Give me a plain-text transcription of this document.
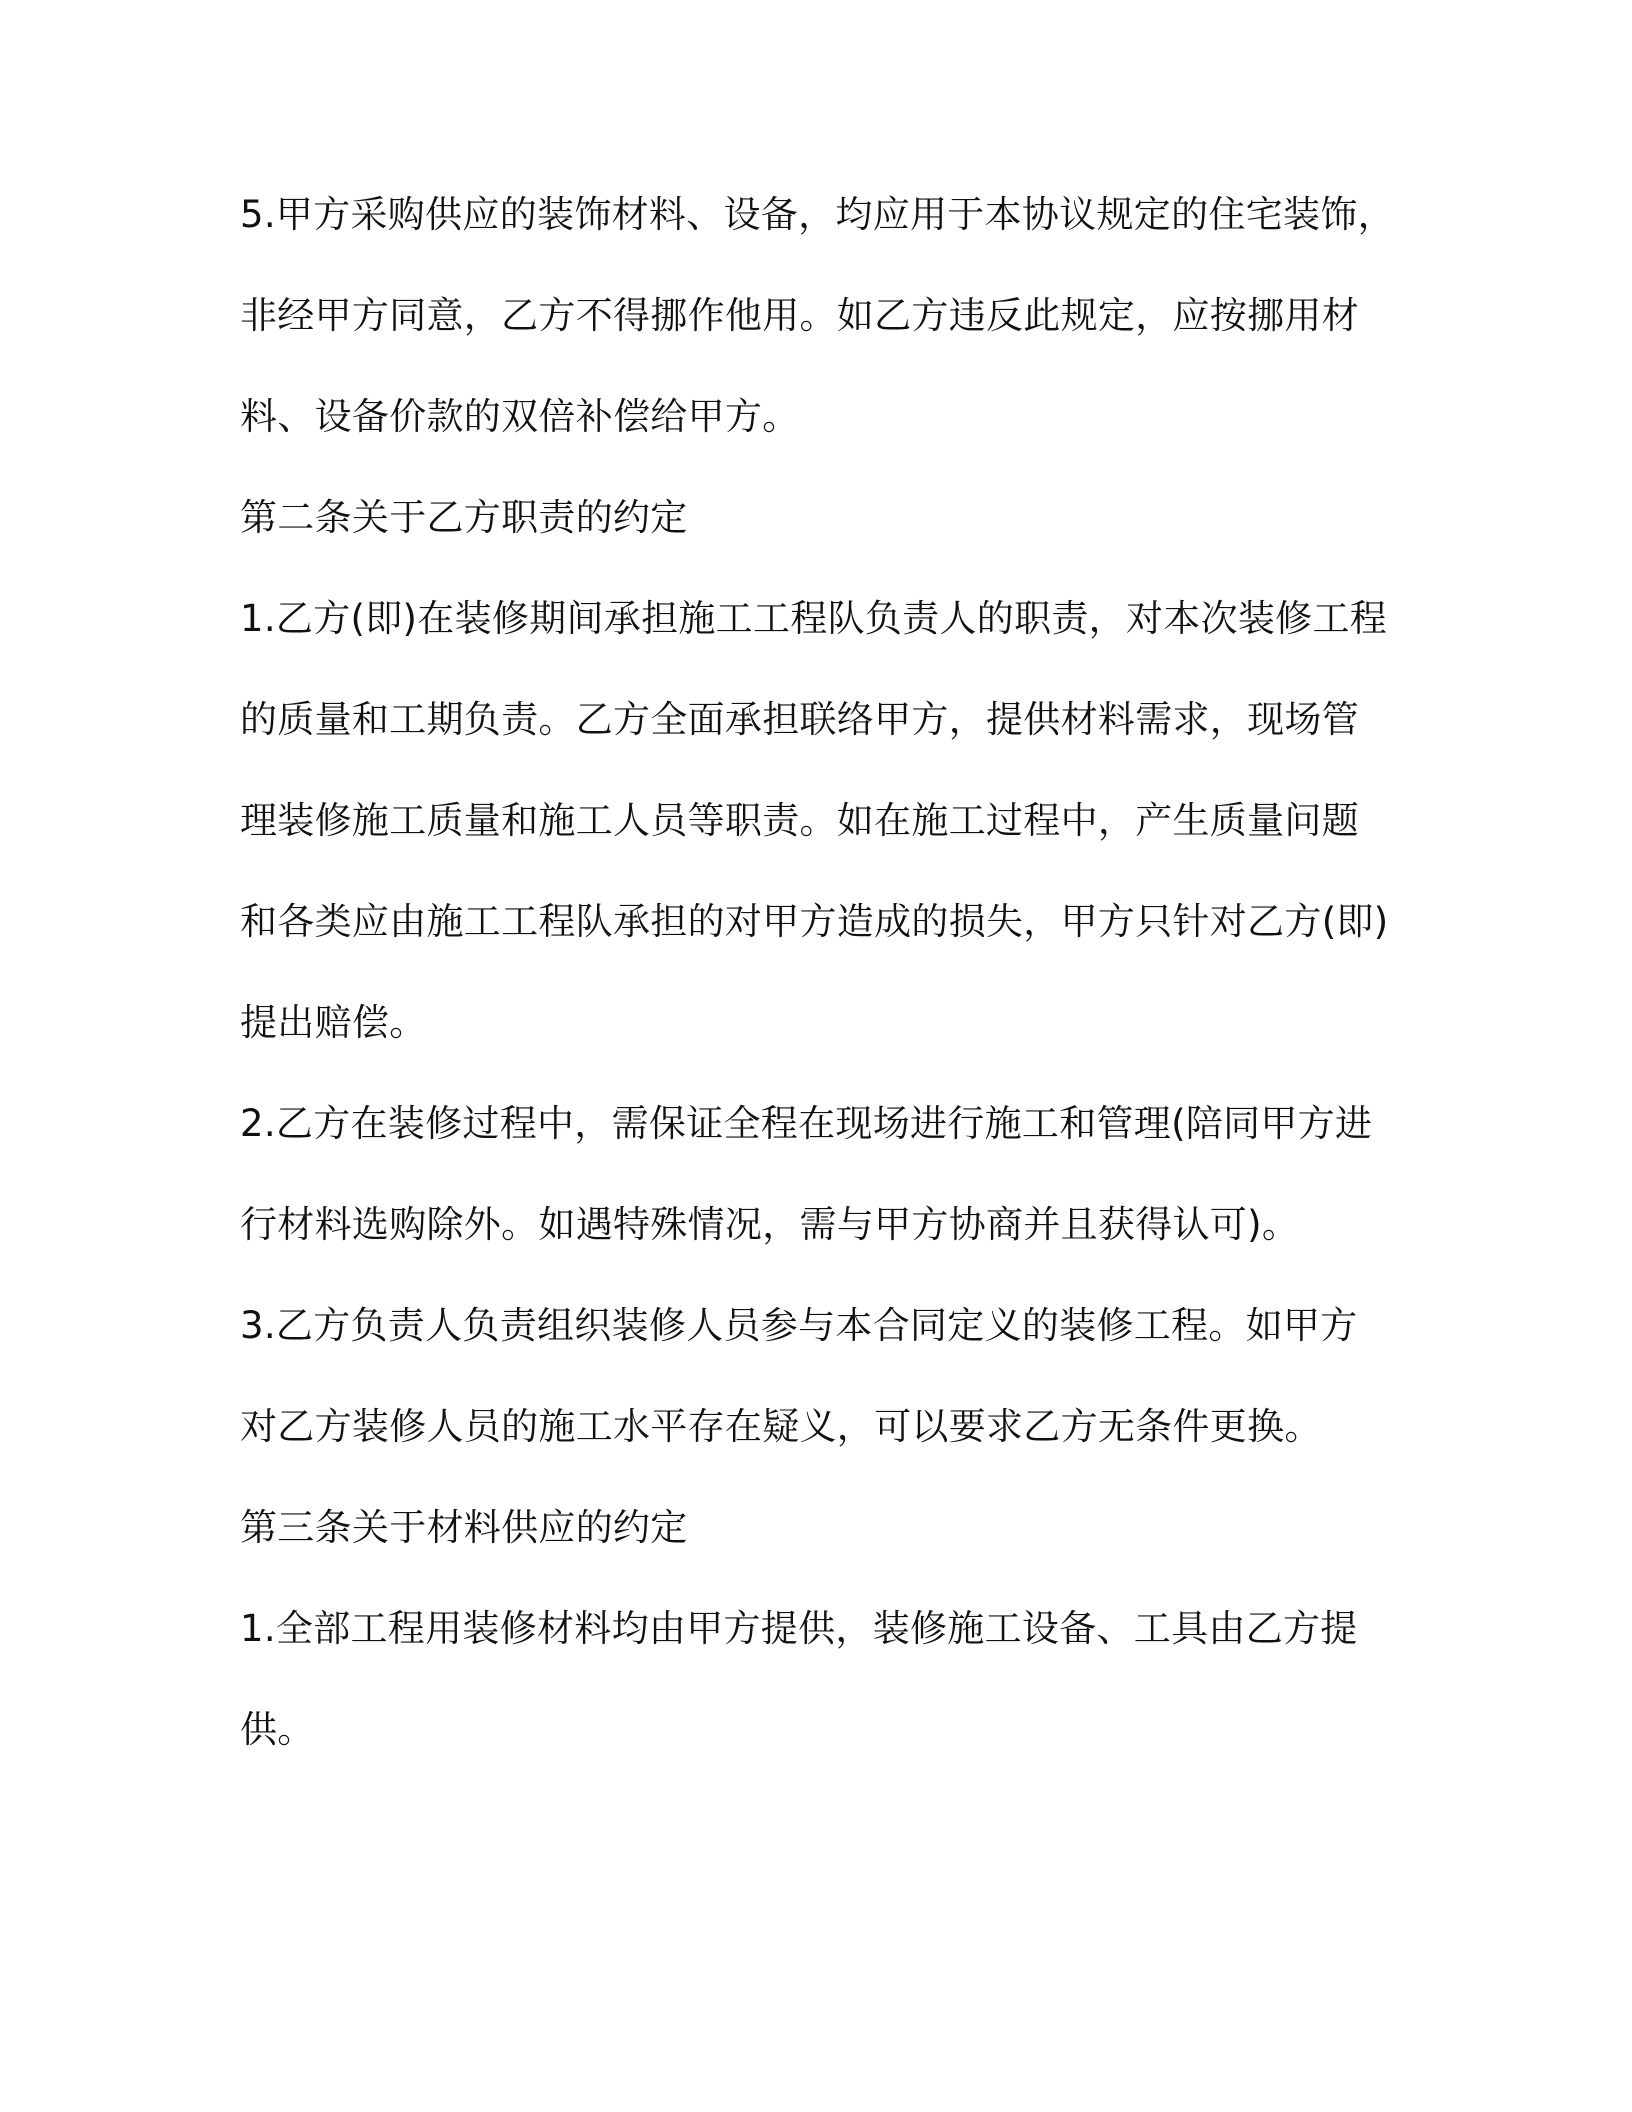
5.甲方采购供应的装饰材料、设备，均应用于本协议规定的住宅装饰，
非经甲方同意，乙方不得挪作他用。如乙方违反此规定，应按挪用材
料、设备价款的双倍补偿给甲方。
第二条关于乙方职责的约定
1.乙方(即)在装修期间承担施工工程队负责人的职责，对本次装修工程
的质量和工期负责。乙方全面承担联络甲方，提供材料需求，现场管
理装修施工质量和施工人员等职责。如在施工过程中，产生质量问题
和各类应由施工工程队承担的对甲方造成的损失，甲方只针对乙方(即)
提出赔偿。
2.乙方在装修过程中，需保证全程在现场进行施工和管理(陪同甲方进
行材料选购除外。如遇特殊情况，需与甲方协商并且获得认可)。
3.乙方负责人负责组织装修人员参与本合同定义的装修工程。如甲方
对乙方装修人员的施工水平存在疑义，可以要求乙方无条件更换。
第三条关于材料供应的约定
1.全部工程用装修材料均由甲方提供，装修施工设备、工具由乙方提
供。
